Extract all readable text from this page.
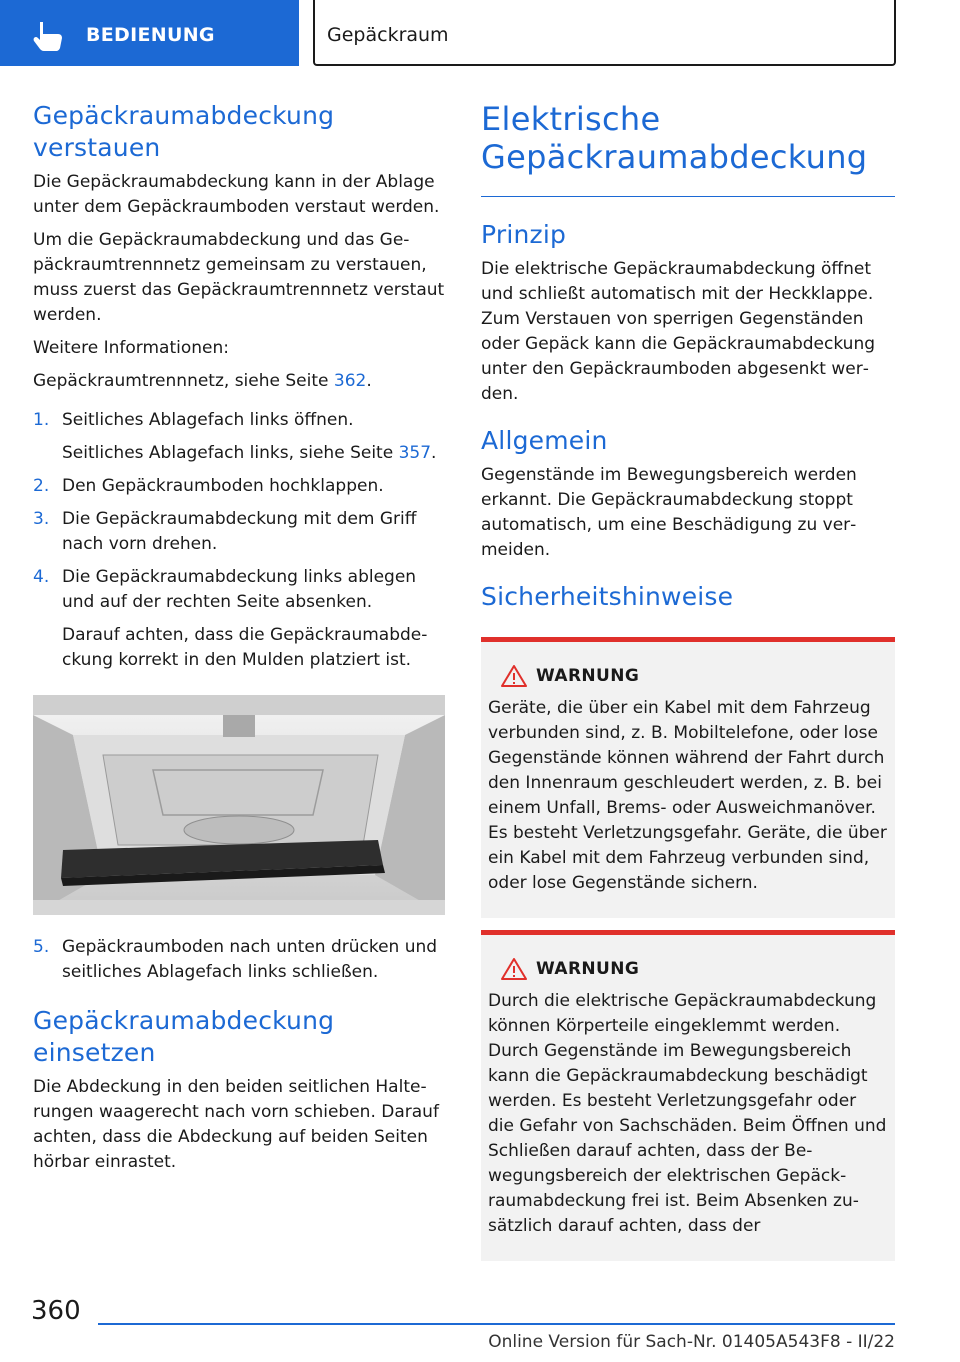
BEDIENUNG	Gepäckraum
Gepäckraumabdeckung verstauen

Die Gepäckraumabdeckung kann in der Ablage unter dem Gepäckraumboden verstaut werden.

Um die Gepäckraumabdeckung und das Gepäckraumtrennnetz gemeinsam zu verstauen, muss zuerst das Gepäckraumtrennnetz verstaut werden.

Weitere Informationen:

Gepäckraumtrennnetz, siehe Seite 362.

1. Seitliches Ablagefach links öffnen.

Seitliches Ablagefach links, siehe Seite 357.

2. Den Gepäckraumboden hochklappen.

3. Die Gepäckraumabdeckung mit dem Griff nach vorn drehen.

4. Die Gepäckraumabdeckung links ablegen und auf der rechten Seite absenken.

Darauf achten, dass die Gepäckraumabdeckung korrekt in den Mulden platziert ist.

5. Gepäckraumboden nach unten drücken und seitliches Ablagefach links schließen.

Gepäckraumabdeckung einsetzen

Die Abdeckung in den beiden seitlichen Halterungen waagerecht nach vorn schieben. Darauf achten, dass die Abdeckung auf beiden Seiten hörbar einrastet.

Elektrische Gepäckraumabdeckung
Prinzip

Die elektrische Gepäckraumabdeckung öffnet und schließt automatisch mit der Heckklappe. Zum Verstauen von sperrigen Gegenständen oder Gepäck kann die Gepäckraumabdeckung unter den Gepäckraumboden abgesenkt werden.

Allgemein

Gegenstände im Bewegungsbereich werden erkannt. Die Gepäckraumabdeckung stoppt automatisch, um eine Beschädigung zu vermeiden.

Sicherheitshinweise
WARNUNG

Geräte, die über ein Kabel mit dem Fahrzeug verbunden sind, z. B. Mobiltelefone, oder lose Gegenstände können während der Fahrt durch den Innenraum geschleudert werden, z. B. bei einem Unfall, Brems- oder Ausweichmanöver. Es besteht Verletzungsgefahr. Geräte, die über ein Kabel mit dem Fahrzeug verbunden sind, oder lose Gegenstände sichern.

WARNUNG

Durch die elektrische Gepäckraumabdeckung können Körperteile eingeklemmt werden. Durch Gegenstände im Bewegungsbereich kann die Gepäckraumabdeckung beschädigt werden. Es besteht Verletzungsgefahr oder die Gefahr von Sachschäden. Beim Öffnen und Schließen darauf achten, dass der Bewegungsbereich der elektrischen Gepäckraumabdeckung frei ist. Beim Absenken zusätzlich darauf achten, dass der

360
Online Version für Sach-Nr. 01405A543F8 - II/22
